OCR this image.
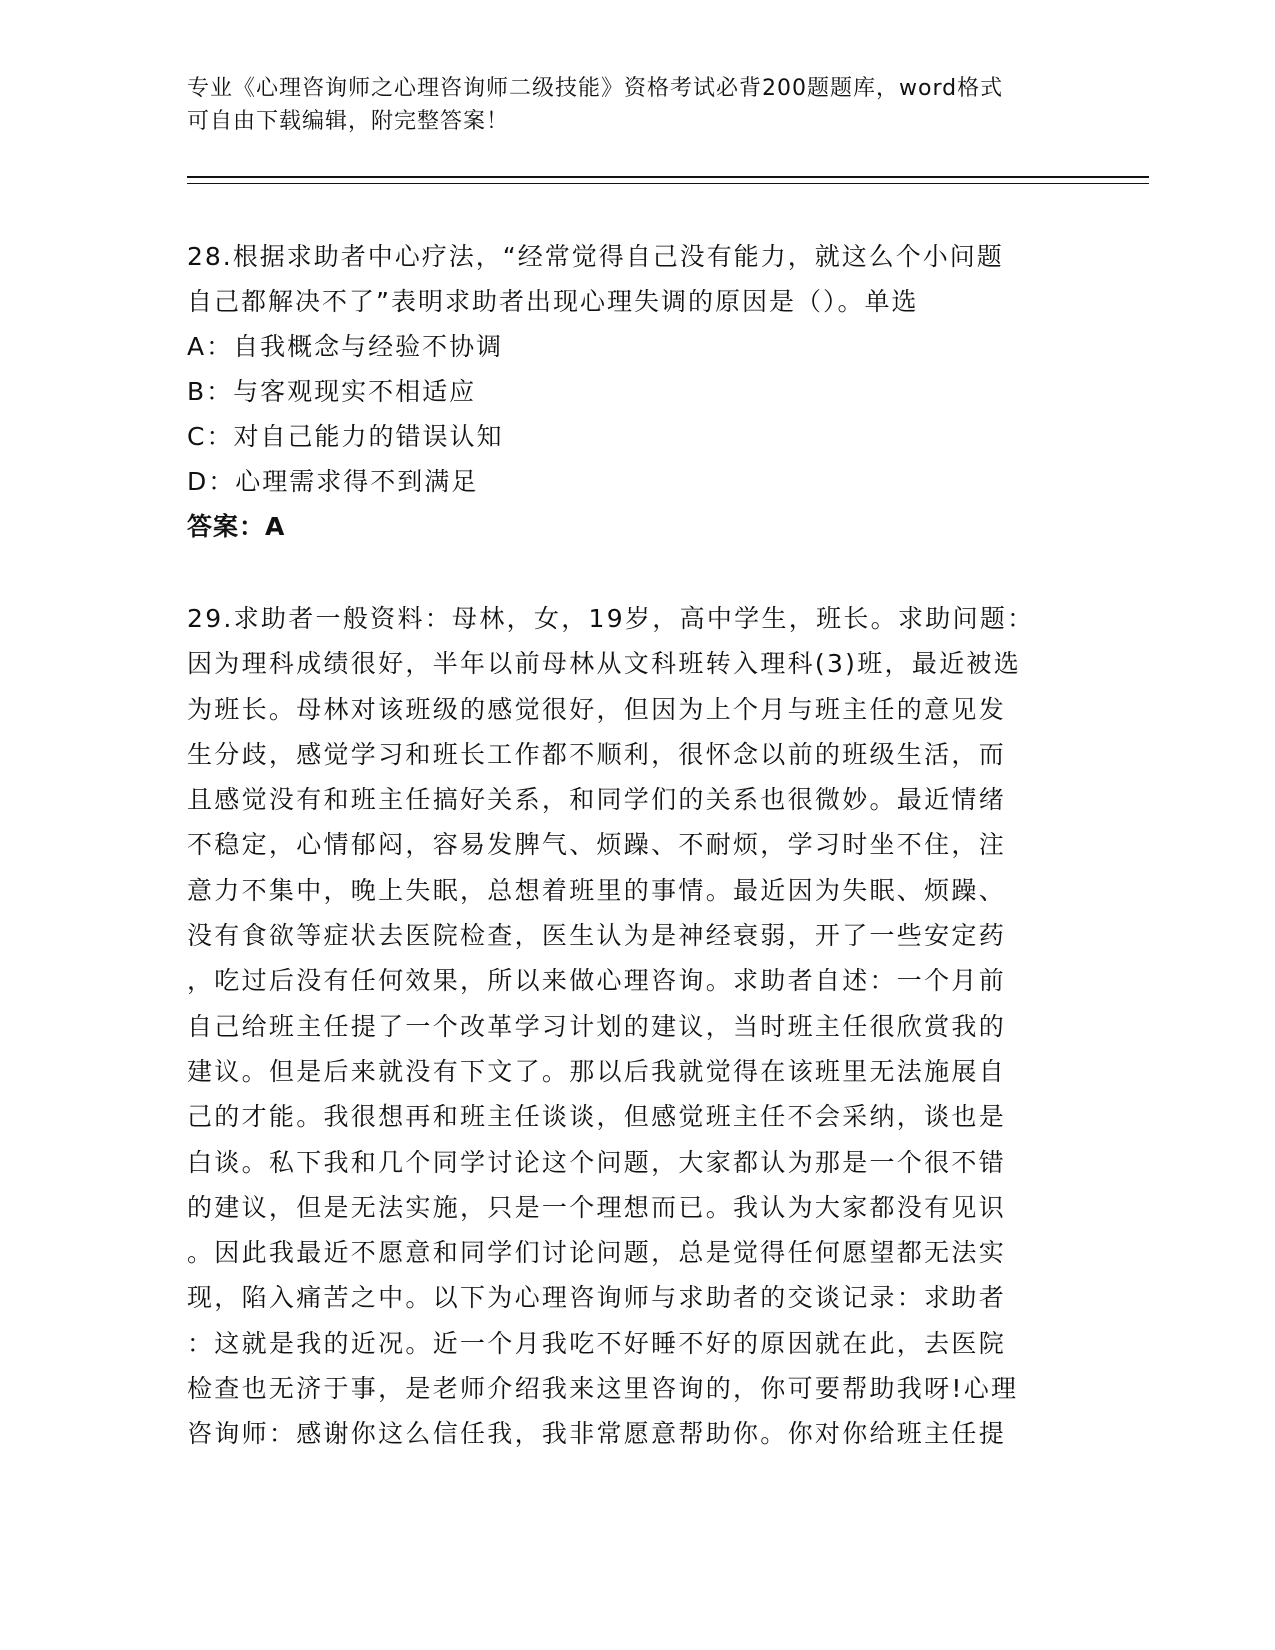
专业《心理咨询师之心理咨询师二级技能》资格考试必背200题题库，word格式
可自由下载编辑，附完整答案！

28.根据求助者中心疗法，“经常觉得自己没有能力，就这么个小问题

自己都解决不了”表明求助者出现心理失调的原因是（）。单选

A：自我概念与经验不协调

B：与客观现实不相适应

C：对自己能力的错误认知

D：心理需求得不到满足

答案：A

29.求助者一般资料：母林，女，19岁，高中学生，班长。求助问题：

因为理科成绩很好，半年以前母林从文科班转入理科(3)班，最近被选

为班长。母林对该班级的感觉很好，但因为上个月与班主任的意见发

生分歧，感觉学习和班长工作都不顺利，很怀念以前的班级生活，而

且感觉没有和班主任搞好关系，和同学们的关系也很微妙。最近情绪

不稳定，心情郁闷，容易发脾气、烦躁、不耐烦，学习时坐不住，注

意力不集中，晚上失眠，总想着班里的事情。最近因为失眠、烦躁、

没有食欲等症状去医院检查，医生认为是神经衰弱，开了一些安定药

，吃过后没有任何效果，所以来做心理咨询。求助者自述：一个月前

自己给班主任提了一个改革学习计划的建议，当时班主任很欣赏我的

建议。但是后来就没有下文了。那以后我就觉得在该班里无法施展自

己的才能。我很想再和班主任谈谈，但感觉班主任不会采纳，谈也是

白谈。私下我和几个同学讨论这个问题，大家都认为那是一个很不错

的建议，但是无法实施，只是一个理想而已。我认为大家都没有见识

。因此我最近不愿意和同学们讨论问题，总是觉得任何愿望都无法实

现，陷入痛苦之中。以下为心理咨询师与求助者的交谈记录：求助者

：这就是我的近况。近一个月我吃不好睡不好的原因就在此，去医院

检查也无济于事，是老师介绍我来这里咨询的，你可要帮助我呀!心理

咨询师：感谢你这么信任我，我非常愿意帮助你。你对你给班主任提
